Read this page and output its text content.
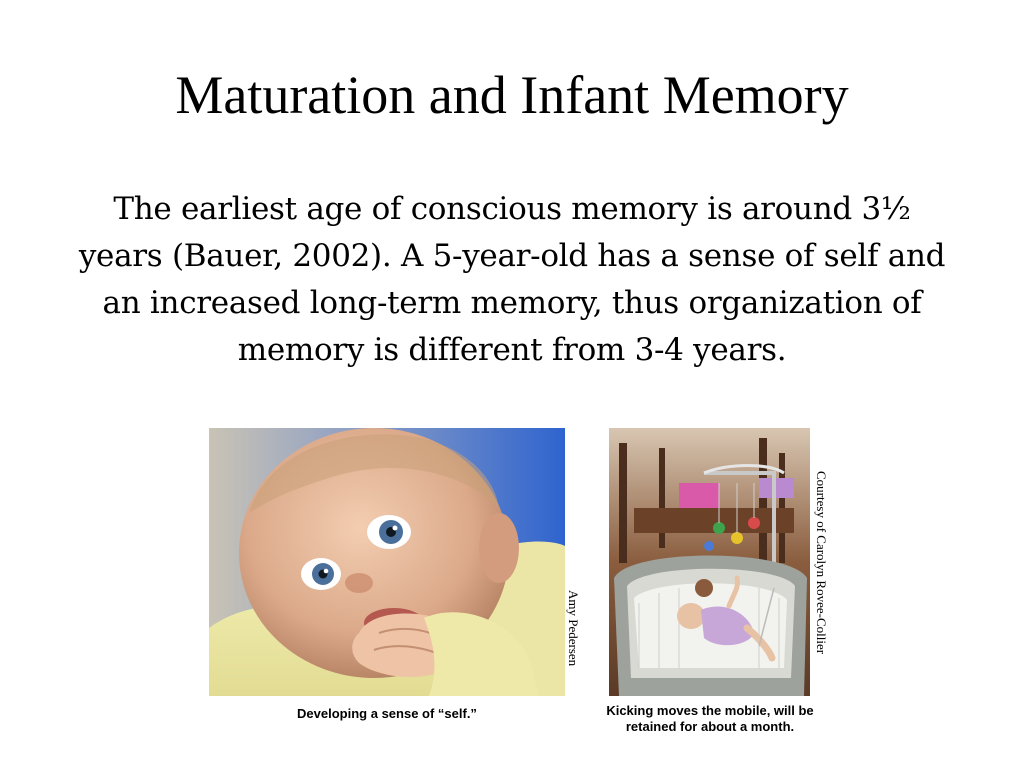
Maturation and Infant Memory

The earliest age of conscious memory is around 3½ years (Bauer, 2002). A 5-year-old has a sense of self and an increased long-term memory, thus organization of memory is different from 3-4 years.

Amy Pedersen
Developing a sense of “self.”
Courtesy of Carolyn Rovee-Collier
Kicking moves the mobile, will be retained for about a month.
